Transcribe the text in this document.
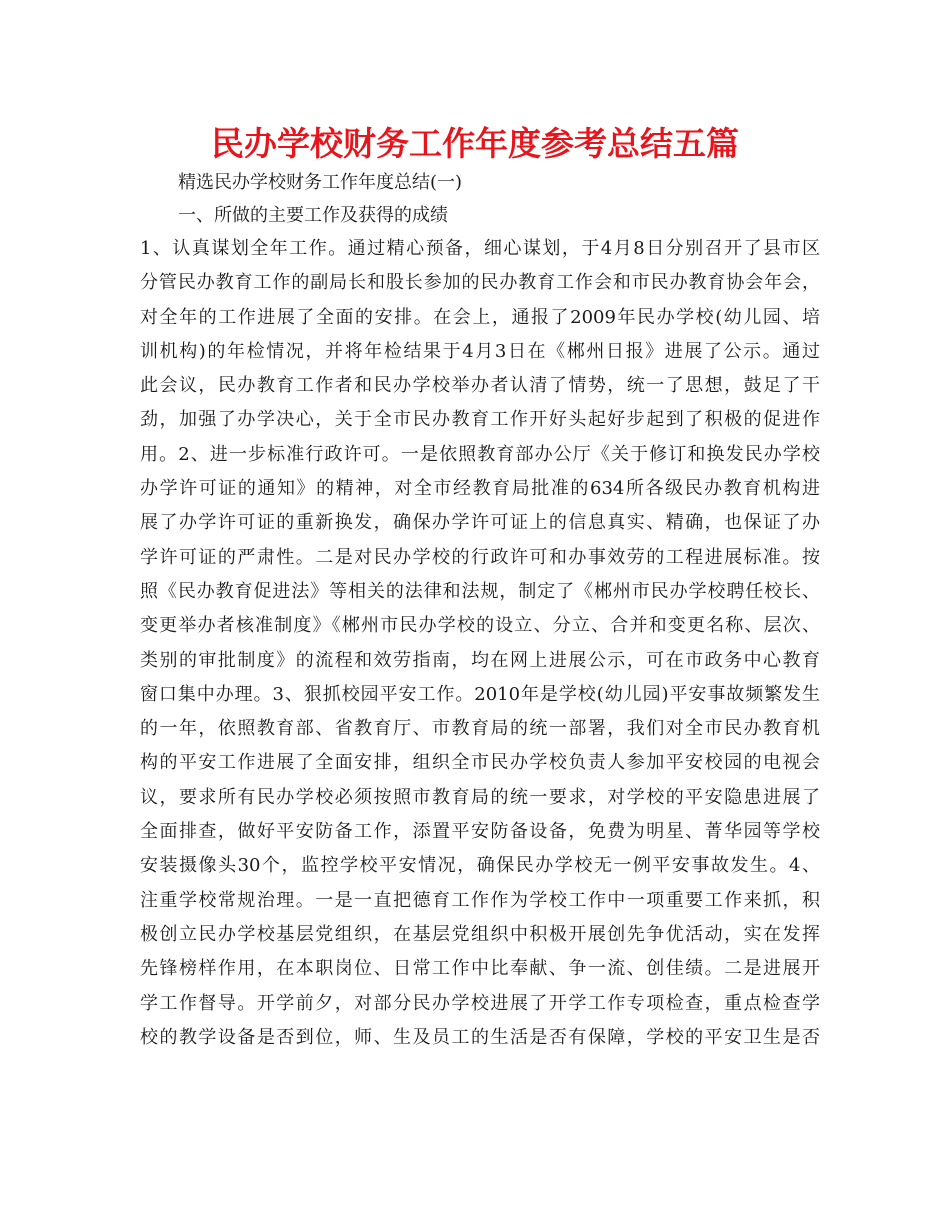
民办学校财务工作年度参考总结五篇

精选民办学校财务工作年度总结(一)

一、所做的主要工作及获得的成绩

1、认真谋划全年工作。通过精心预备，细心谋划，于4月8日分别召开了县市区
分管民办教育工作的副局长和股长参加的民办教育工作会和市民办教育协会年会，
对全年的工作进展了全面的安排。在会上，通报了2009年民办学校(幼儿园、培
训机构)的年检情况，并将年检结果于4月3日在《郴州日报》进展了公示。通过
此会议，民办教育工作者和民办学校举办者认清了情势，统一了思想，鼓足了干
劲，加强了办学决心，关于全市民办教育工作开好头起好步起到了积极的促进作
用。2、进一步标准行政许可。一是依照教育部办公厅《关于修订和换发民办学校
办学许可证的通知》的精神，对全市经教育局批准的634所各级民办教育机构进
展了办学许可证的重新换发，确保办学许可证上的信息真实、精确，也保证了办
学许可证的严肃性。二是对民办学校的行政许可和办事效劳的工程进展标准。按
照《民办教育促进法》等相关的法律和法规，制定了《郴州市民办学校聘任校长、
变更举办者核准制度》《郴州市民办学校的设立、分立、合并和变更名称、层次、
类别的审批制度》的流程和效劳指南，均在网上进展公示，可在市政务中心教育
窗口集中办理。3、狠抓校园平安工作。2010年是学校(幼儿园)平安事故频繁发生
的一年，依照教育部、省教育厅、市教育局的统一部署，我们对全市民办教育机
构的平安工作进展了全面安排，组织全市民办学校负责人参加平安校园的电视会
议，要求所有民办学校必须按照市教育局的统一要求，对学校的平安隐患进展了
全面排查，做好平安防备工作，添置平安防备设备，免费为明星、菁华园等学校
安装摄像头30个，监控学校平安情况，确保民办学校无一例平安事故发生。4、
注重学校常规治理。一是一直把德育工作作为学校工作中一项重要工作来抓，积
极创立民办学校基层党组织，在基层党组织中积极开展创先争优活动，实在发挥
先锋榜样作用，在本职岗位、日常工作中比奉献、争一流、创佳绩。二是进展开
学工作督导。开学前夕，对部分民办学校进展了开学工作专项检查，重点检查学
校的教学设备是否到位，师、生及员工的生活是否有保障，学校的平安卫生是否
